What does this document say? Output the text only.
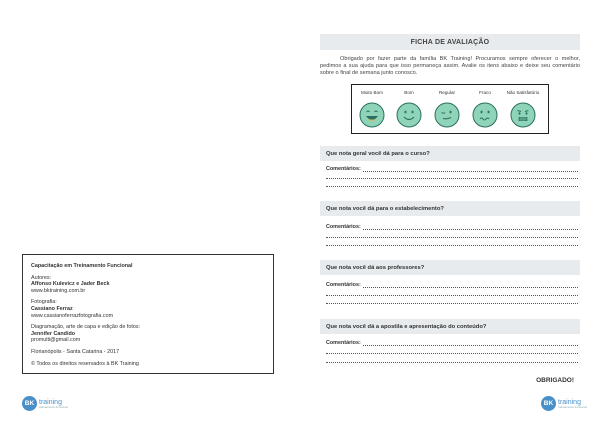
Capacitação em Treinamento Funcional
Autores:
Affonso Kulevicz e Jader Beck
www.bktraining.com.br
Fotografia:
Cassiano Ferraz
www.cassianoferrazfotografia.com
Diagramação, arte de capa e edição de fotos:
Jennifer Candido
promulti@gmail.com
Florianópolis - Santa Catarina - 2017
© Todos os direitos reservados à BK Training
BK training
treinamento funcional
FICHA DE AVALIAÇÃO
Obrigado por fazer parte da família BK Training! Procuramos sempre oferecer o melhor, pedimos a sua ajuda para que isso permaneça assim. Avalie os itens abaixo e deixe seu comentário sobre o final de semana junto conosco.
Muito Bom	Bom	Regular	Fraco	Não Satisfatório
Que nota geral você dá para o curso?
Comentários:
Que nota você dá para o estabelecimento?
Comentários:
Que nota você dá aos professores?
Comentários:
Que nota você dá a apostila e apresentação do conteúdo?
Comentários:
OBRIGADO!
BK training
treinamento funcional
